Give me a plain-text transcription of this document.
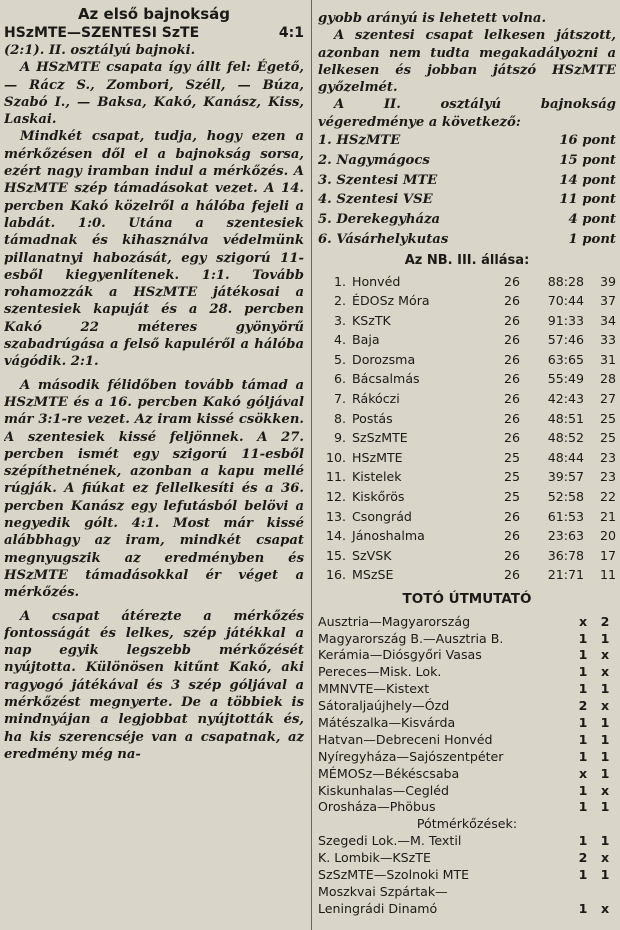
Az első bajnokság
HSzMTE—SZENTESI SzTE	4:1

(2:1). II. osztályú bajnoki.

A HSzMTE csapata így állt fel: Égető, — Rácz S., Zombori, Széll, — Búza, Szabó I., — Baksa, Kakó, Kanász, Kiss, Laskai.

Mindkét csapat, tudja, hogy ezen a mérkőzésen dől el a bajnokság sorsa, ezért nagy iramban indul a mérkőzés. A HSzMTE szép támadásokat vezet. A 14. percben Kakó közelről a hálóba fejeli a labdát. 1:0. Utána a szentesiek támadnak és kihasználva védelmünk pillanatnyi habozását, egy szigorú 11-esből kiegyenlítenek. 1:1. Tovább rohamozzák a HSzMTE játékosai a szentesiek kapuját és a 28. percben Kakó 22 méteres gyönyörű szabadrúgása a felső kapuléről a hálóba vágódik. 2:1.

A második félidőben tovább támad a HSzMTE és a 16. percben Kakó góljával már 3:1-re vezet. Az iram kissé csökken. A szentesiek kissé feljönnek. A 27. percben ismét egy szigorú 11-esből szépíthetnének, azonban a kapu mellé rúgják. A fiúkat ez fellelkesíti és a 36. percben Kanász egy lefutásból belövi a negyedik gólt. 4:1. Most már kissé alábbhagy az iram, mindkét csapat megnyugszik az eredményben és HSzMTE támadásokkal ér véget a mérkőzés.

A csapat átérezte a mérkőzés fontosságát és lelkes, szép játékkal a nap egyik legszebb mérkőzését nyújtotta. Különösen kitűnt Kakó, aki ragyogó játékával és 3 szép góljával a mérkőzést megnyerte. De a többiek is mindnyájan a legjobbat nyújtották és, ha kis szerencséje van a csapatnak, az eredmény még na-

gyobb arányú is lehetett volna.

A szentesi csapat lelkesen játszott, azonban nem tudta megakadályozni a lelkesen és jobban játszó HSzMTE győzelmét.

A II. osztályú bajnokság végeredménye a következő:

1. HSzMTE	16 pont
2. Nagymágocs	15 pont
3. Szentesi MTE	14 pont
4. Szentesi VSE	11 pont
5. Derekegyháza	4 pont
6. Vásárhelykutas	1 pont
Az NB. III. állása:
1.	Honvéd	26	88:28	39
2.	ÉDOSz Móra	26	70:44	37
3.	KSzTK	26	91:33	34
4.	Baja	26	57:46	33
5.	Dorozsma	26	63:65	31
6.	Bácsalmás	26	55:49	28
7.	Rákóczi	26	42:43	27
8.	Postás	26	48:51	25
9.	SzSzMTE	26	48:52	25
10.	HSzMTE	25	48:44	23
11.	Kistelek	25	39:57	23
12.	Kiskőrös	25	52:58	22
13.	Csongrád	26	61:53	21
14.	Jánoshalma	26	23:63	20
15.	SzVSK	26	36:78	17
16.	MSzSE	26	21:71	11
TOTÓ ÚTMUTATÓ
Ausztria—Magyarország	x	2
Magyarország B.—Ausztria B.	1	1
Kerámia—Diósgyőri Vasas	1	x
Pereces—Misk. Lok.	1	x
MMNVTE—Kistext	1	1
Sátoraljaújhely—Ózd	2	x
Mátészalka—Kisvárda	1	1
Hatvan—Debreceni Honvéd	1	1
Nyíregyháza—Sajószentpéter	1	1
MÉMOSz—Békéscsaba	x	1
Kiskunhalas—Cegléd	1	x
Orosháza—Phöbus	1	1
Pótmérkőzések:		
Szegedi Lok.—M. Textil	1	1
K. Lombik—KSzTE	2	x
SzSzMTE—Szolnoki MTE	1	1
Moszkvai Szpártak—		
Leningrádi Dinamó	1	x
